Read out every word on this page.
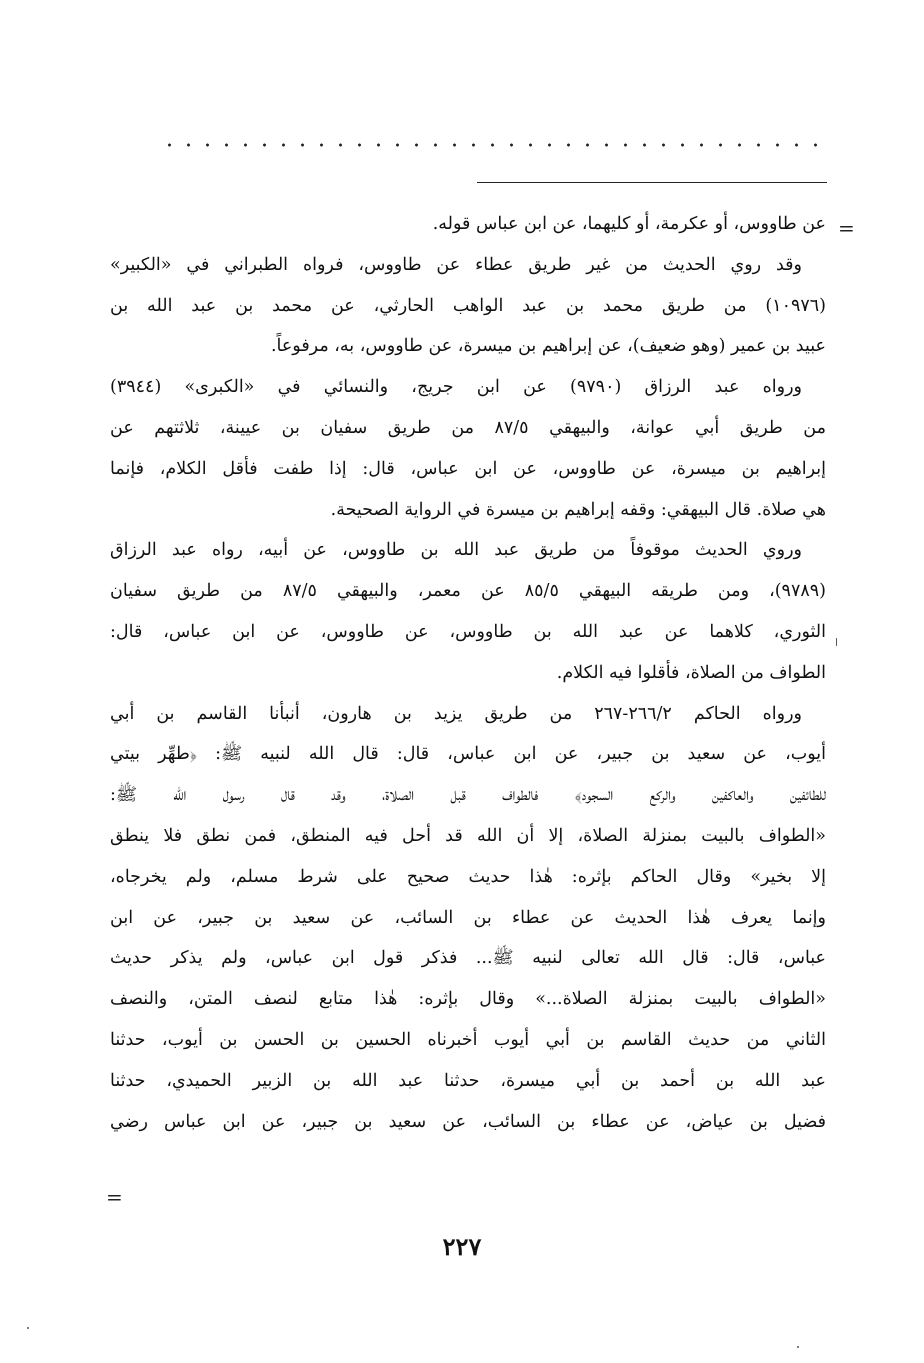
=
عن طاووس، أو عكرمة، أو كليهما، عن ابن عباس قوله.
وقد روي الحديث من غير طريق عطاء عن طاووس، فرواه الطبراني في «الكبير»
(١٠٩٧٦) من طريق محمد بن عبد الواهب الحارثي، عن محمد بن عبد الله بن
عبيد بن عمير (وهو ضعيف)، عن إبراهيم بن ميسرة، عن طاووس، به، مرفوعاً.
ورواه عبد الرزاق (٩٧٩٠) عن ابن جريج، والنسائي في «الكبرى» (٣٩٤٤)
من طريق أبي عوانة، والبيهقي ٨٧/٥ من طريق سفيان بن عيينة، ثلاثتهم عن
إبراهيم بن ميسرة، عن طاووس، عن ابن عباس، قال: إذا طفت فأقل الكلام، فإنما
هي صلاة. قال البيهقي: وقفه إبراهيم بن ميسرة في الرواية الصحيحة.
وروي الحديث موقوفاً من طريق عبد الله بن طاووس، عن أبيه، رواه عبد الرزاق
(٩٧٨٩)، ومن طريقه البيهقي ٨٥/٥ عن معمر، والبيهقي ٨٧/٥ من طريق سفيان
الثوري، كلاهما عن عبد الله بن طاووس، عن طاووس، عن ابن عباس، قال:
الطواف من الصلاة، فأقلوا فيه الكلام.
ورواه الحاكم ٢٦٦/٢-٢٦٧ من طريق يزيد بن هارون، أنبأنا القاسم بن أبي
أيوب، عن سعيد بن جبير، عن ابن عباس، قال: قال الله لنبيه ﷺ: ﴿طهِّر بيتي
للطائفين والعاكفين والركع السجود﴾ فالطواف قبل الصلاة، وقد قال رسول الله ﷺ:
«الطواف بالبيت بمنزلة الصلاة، إلا أن الله قد أحل فيه المنطق، فمن نطق فلا ينطق
إلا بخير» وقال الحاكم بإثره: هٰذا حديث صحيح على شرط مسلم، ولم يخرجاه،
وإنما يعرف هٰذا الحديث عن عطاء بن السائب، عن سعيد بن جبير، عن ابن
عباس، قال: قال الله تعالى لنبيه ﷺ... فذكر قول ابن عباس، ولم يذكر حديث
«الطواف بالبيت بمنزلة الصلاة...» وقال بإثره: هٰذا متابع لنصف المتن، والنصف
الثاني من حديث القاسم بن أبي أيوب أخبرناه الحسين بن الحسن بن أيوب، حدثنا
عبد الله بن أحمد بن أبي ميسرة، حدثنا عبد الله بن الزبير الحميدي، حدثنا
فضيل بن عياض، عن عطاء بن السائب، عن سعيد بن جبير، عن ابن عباس رضي
=
٢٢٧
